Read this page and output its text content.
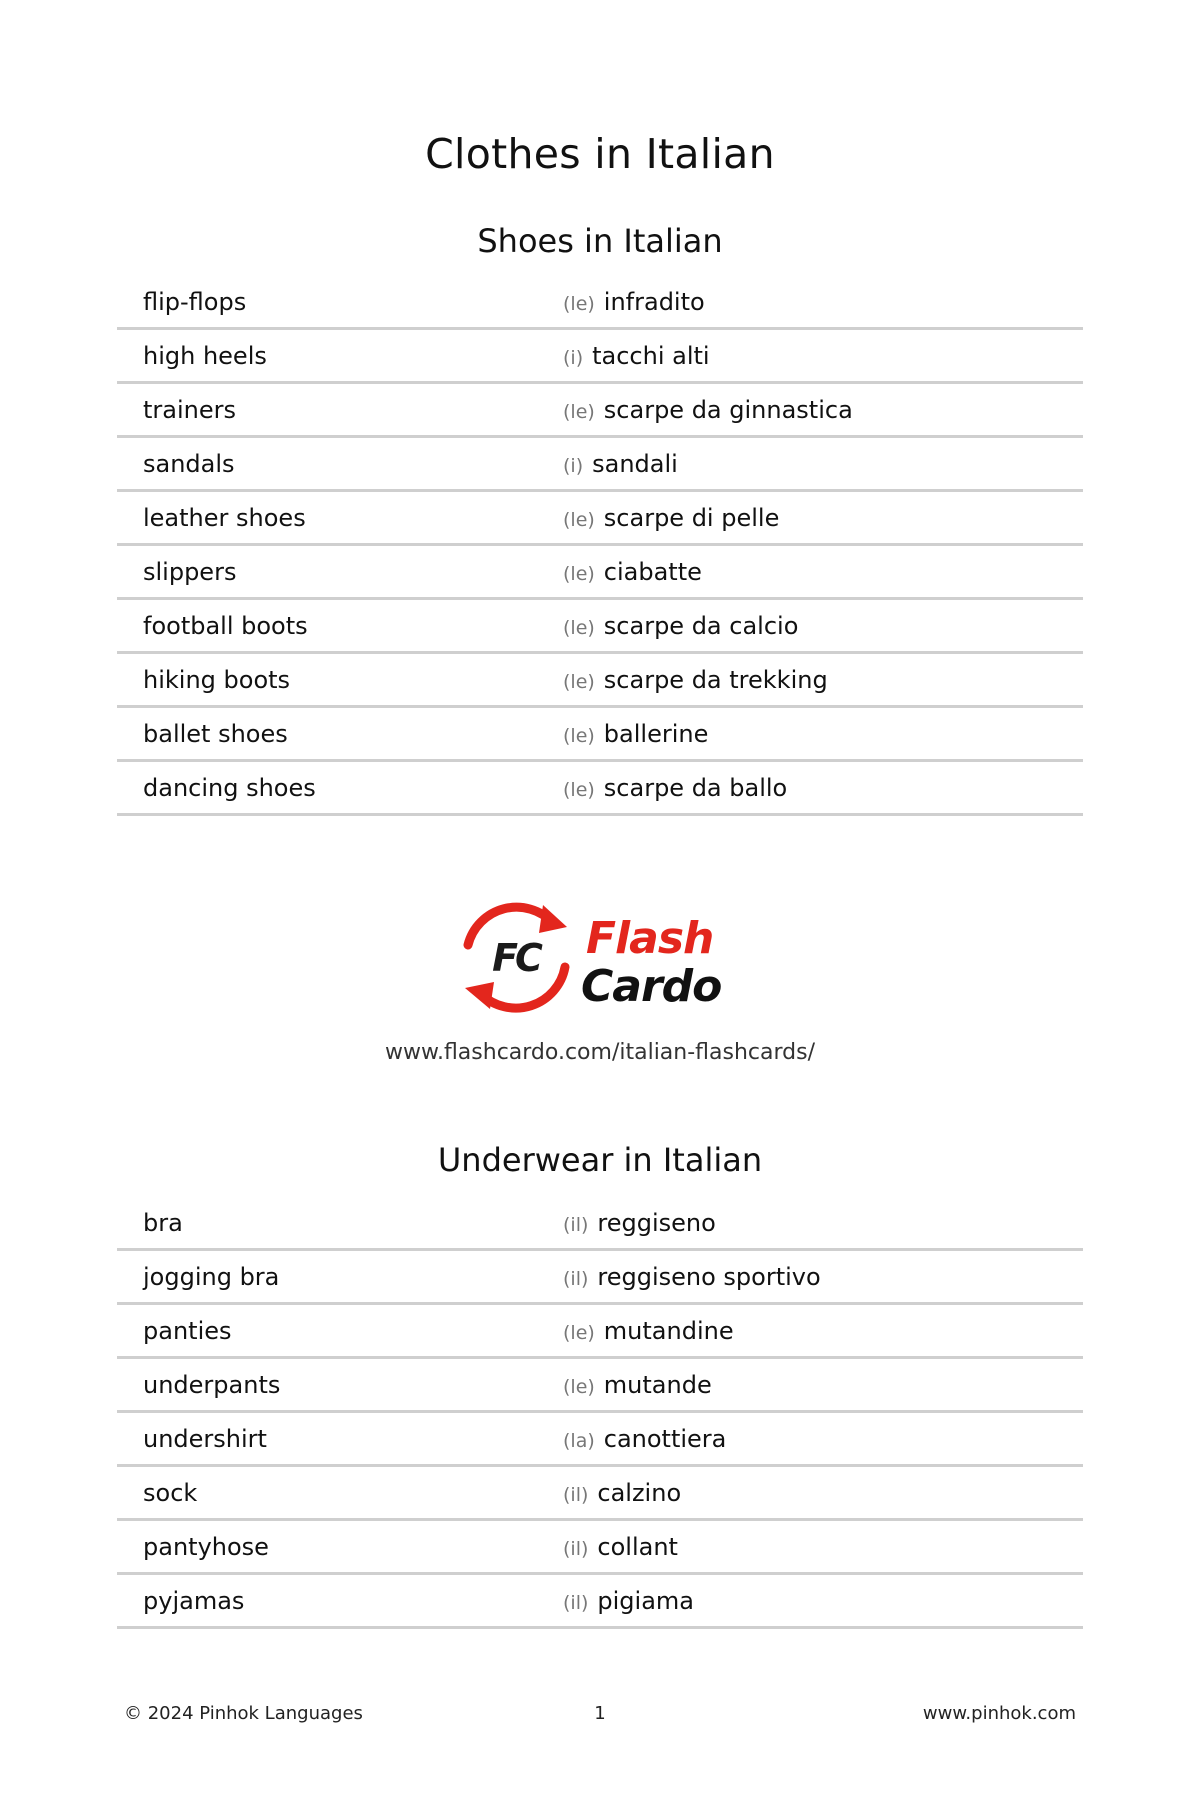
Clothes in Italian
Shoes in Italian
flip-flops	(le) infradito
high heels	(i) tacchi alti
trainers	(le) scarpe da ginnastica
sandals	(i) sandali
leather shoes	(le) scarpe di pelle
slippers	(le) ciabatte
football boots	(le) scarpe da calcio
hiking boots	(le) scarpe da trekking
ballet shoes	(le) ballerine
dancing shoes	(le) scarpe da ballo
FC Flash
Cardo
www.flashcardo.com/italian-flashcards/
Underwear in Italian
bra	(il) reggiseno
jogging bra	(il) reggiseno sportivo
panties	(le) mutandine
underpants	(le) mutande
undershirt	(la) canottiera
sock	(il) calzino
pantyhose	(il) collant
pyjamas	(il) pigiama
© 2024 Pinhok Languages	1	www.pinhok.com
